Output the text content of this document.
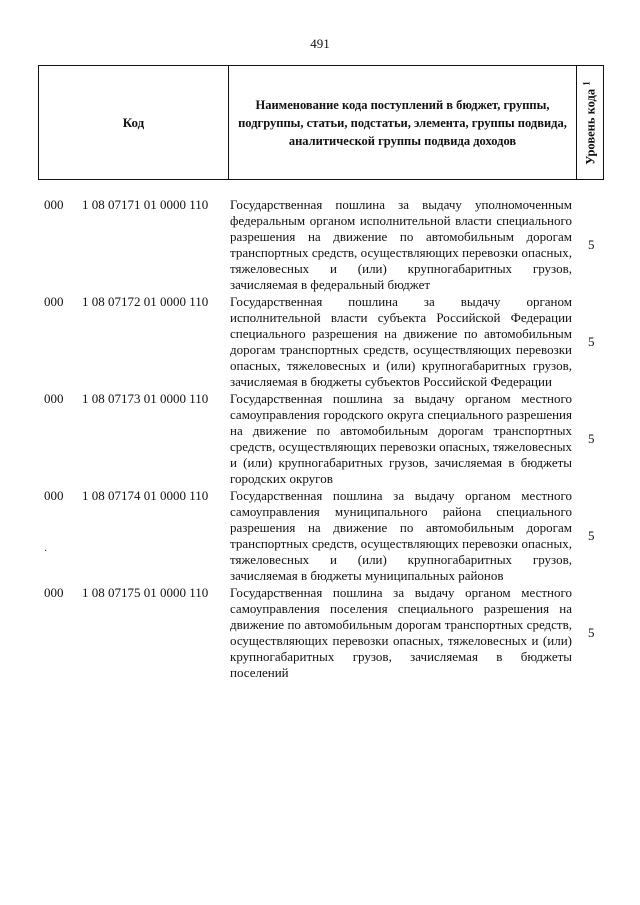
491
Код
Наименование кода поступлений в бюджет, группы, подгруппы, статьи, подстатьи, элемента, группы подвида, аналитической группы подвида доходов	Уровень кода $^1$
000 1 08 07171 01 0000 110 Государственная пошлина за выдачу уполномоченным федеральным органом исполнительной власти специального разрешения на движение по автомобильным дорогам транспортных средств, осуществляющих перевозки опасных, тяжеловесных и (или) крупногабаритных грузов, зачисляемая в федеральный бюджет
5
000 1 08 07172 01 0000 110 Государственная пошлина за выдачу органом исполнительной власти субъекта Российской Федерации специального разрешения на движение по автомобильным дорогам транспортных средств, осуществляющих перевозки опасных, тяжеловесных и (или) крупногабаритных грузов, зачисляемая в бюджеты субъектов Российской Федерации
5
000 1 08 07173 01 0000 110 Государственная пошлина за выдачу органом местного самоуправления городского округа специального разрешения на движение по автомобильным дорогам транспортных средств, осуществляющих перевозки опасных, тяжеловесных и (или) крупногабаритных грузов, зачисляемая в бюджеты городских округов
5
000 1 08 07174 01 0000 110 Государственная пошлина за выдачу органом местного самоуправления муниципального района специального разрешения на движение по автомобильным дорогам транспортных средств, осуществляющих перевозки опасных, тяжеловесных и (или) крупногабаритных грузов, зачисляемая в бюджеты муниципальных районов
5
000 1 08 07175 01 0000 110 Государственная пошлина за выдачу органом местного самоуправления поселения специального разрешения на движение по автомобильным дорогам транспортных средств, осуществляющих перевозки опасных, тяжеловесных и (или) крупногабаритных грузов, зачисляемая в бюджеты поселений
5
·
